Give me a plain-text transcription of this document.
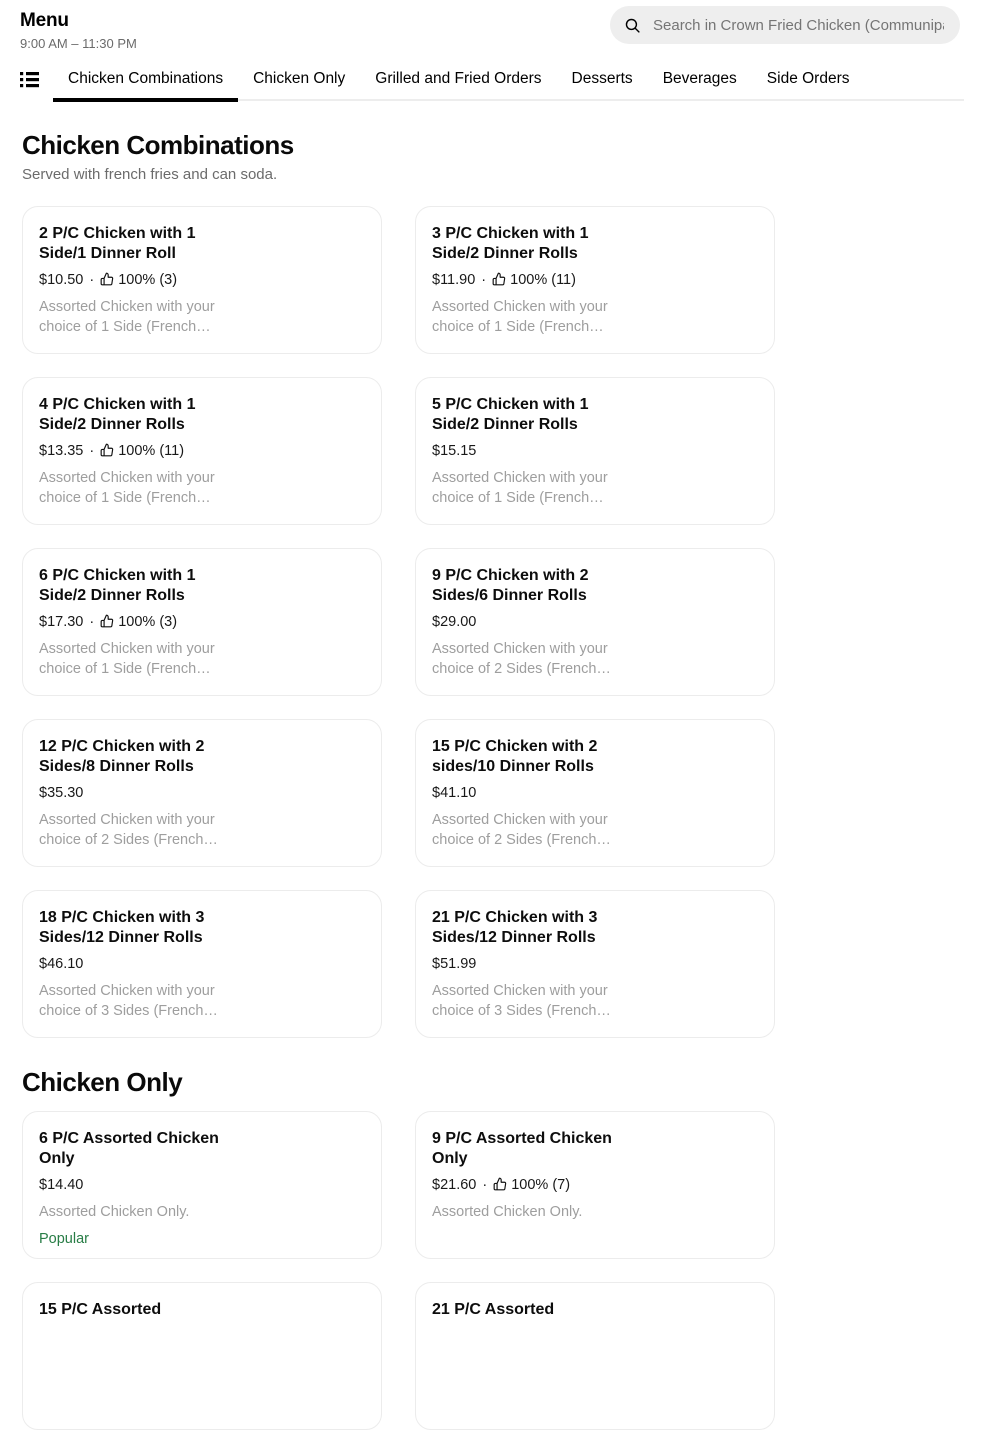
Menu
9:00 AM – 11:30 PM
Search in Crown Fried Chicken (Communipaw
Chicken Combinations	Chicken Only	Grilled and Fried Orders	Desserts	Beverages	Side Orders
Chicken Combinations
Served with french fries and can soda.
2 P/C Chicken with 1 Side/1 Dinner Roll
$10.50 · 100% (3)
Assorted Chicken with your choice of 1 Side (French…
3 P/C Chicken with 1 Side/2 Dinner Rolls
$11.90 · 100% (11)
Assorted Chicken with your choice of 1 Side (French…
4 P/C Chicken with 1 Side/2 Dinner Rolls
$13.35 · 100% (11)
Assorted Chicken with your choice of 1 Side (French…
5 P/C Chicken with 1 Side/2 Dinner Rolls
$15.15
Assorted Chicken with your choice of 1 Side (French…
6 P/C Chicken with 1 Side/2 Dinner Rolls
$17.30 · 100% (3)
Assorted Chicken with your choice of 1 Side (French…
9 P/C Chicken with 2 Sides/6 Dinner Rolls
$29.00
Assorted Chicken with your choice of 2 Sides (French…
12 P/C Chicken with 2 Sides/8 Dinner Rolls
$35.30
Assorted Chicken with your choice of 2 Sides (French…
15 P/C Chicken with 2 sides/10 Dinner Rolls
$41.10
Assorted Chicken with your choice of 2 Sides (French…
18 P/C Chicken with 3 Sides/12 Dinner Rolls
$46.10
Assorted Chicken with your choice of 3 Sides (French…
21 P/C Chicken with 3 Sides/12 Dinner Rolls
$51.99
Assorted Chicken with your choice of 3 Sides (French…
Chicken Only
6 P/C Assorted Chicken Only
$14.40
Assorted Chicken Only.
Popular
9 P/C Assorted Chicken Only
$21.60 · 100% (7)
Assorted Chicken Only.
15 P/C Assorted	21 P/C Assorted
